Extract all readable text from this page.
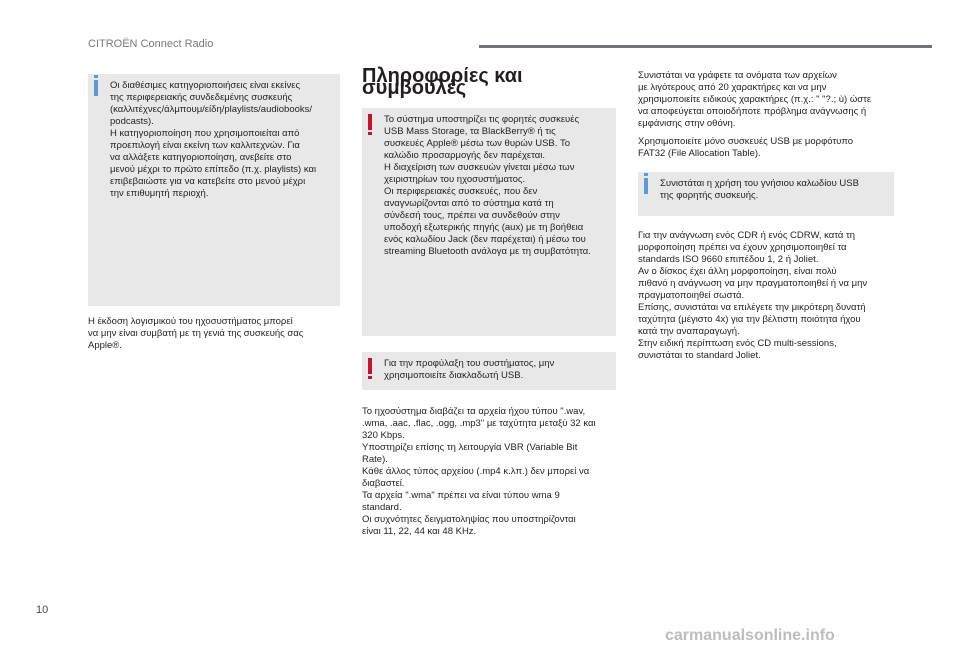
CITROËN Connect Radio
Οι διαθέσιμες κατηγοριοποιήσεις είναι εκείνες
της περιφερειακής συνδεδεμένης συσκευής
(καλλιτέχνες/άλμπουμ/είδη/playlists/audiobooks/
podcasts).
Η κατηγοριοποίηση που χρησιμοποιείται από
προεπιλογή είναι εκείνη των καλλιτεχνών. Για
να αλλάξετε κατηγοριοποίηση, ανεβείτε στο
μενού μέχρι το πρώτο επίπεδο (π.χ. playlists) και
επιβεβαιώστε για να κατεβείτε στο μενού μέχρι
την επιθυμητή περιοχή.

Η έκδοση λογισμικού του ηχοσυστήματος μπορεί
να μην είναι συμβατή με τη γενιά της συσκευής σας
Apple®.

Πληροφορίες και συμβουλές
Το σύστημα υποστηρίζει τις φορητές συσκευές
USB Mass Storage, τα BlackBerry® ή τις
συσκευές Apple® μέσω των θυρών USB. Το
καλώδιο προσαρμογής δεν παρέχεται.
Η διαχείριση των συσκευών γίνεται μέσω των
χειριστηρίων του ηχοσυστήματος.
Οι περιφερειακές συσκευές, που δεν
αναγνωρίζονται από το σύστημα κατά τη
σύνδεσή τους, πρέπει να συνδεθούν στην
υποδοχή εξωτερικής πηγής (aux) με τη βοήθεια
ενός καλωδίου Jack (δεν παρέχεται) ή μέσω του
streaming Bluetooth ανάλογα με τη συμβατότητα.
Για την προφύλαξη του συστήματος, μην
χρησιμοποιείτε διακλαδωτή USB.

Το ηχοσύστημα διαβάζει τα αρχεία ήχου τύπου ".wav,
.wma, .aac, .flac, .ogg, .mp3" με ταχύτητα μεταξύ 32 και
320 Kbps.
Υποστηρίζει επίσης τη λειτουργία VBR (Variable Bit
Rate).
Κάθε άλλος τύπος αρχείου (.mp4 κ.λπ.) δεν μπορεί να
διαβαστεί.
Τα αρχεία ".wma" πρέπει να είναι τύπου wma 9
standard.
Οι συχνότητες δειγματοληψίας που υποστηρίζονται
είναι 11, 22, 44 και 48 KHz.

Συνιστάται να γράφετε τα ονόματα των αρχείων
με λιγότερους από 20 χαρακτήρες και να μην
χρησιμοποιείτε ειδικούς χαρακτήρες (π.χ.: " "?.; ù) ώστε
να αποφεύγεται οποιοδήποτε πρόβλημα ανάγνωσης ή
εμφάνισης στην οθόνη.

Χρησιμοποιείτε μόνο συσκευές USB με μορφότυπο
FAT32 (File Allocation Table).

Συνιστάται η χρήση του γνήσιου καλωδίου USB
της φορητής συσκευής.

Για την ανάγνωση ενός CDR ή ενός CDRW, κατά τη
μορφοποίηση πρέπει να έχουν χρησιμοποιηθεί τα
standards ISO 9660 επιπέδου 1, 2 ή Joliet.
Αν ο δίσκος έχει άλλη μορφοποίηση, είναι πολύ
πιθανό η ανάγνωση να μην πραγματοποιηθεί ή να μην
πραγματοποιηθεί σωστά.
Επίσης, συνιστάται να επιλέγετε την μικρότερη δυνατή
ταχύτητα (μέγιστο 4x) για την βέλτιστη ποιότητα ήχου
κατά την αναπαραγωγή.
Στην ειδική περίπτωση ενός CD multi-sessions,
συνιστάται το standard Joliet.

10
carmanualsonline.info
